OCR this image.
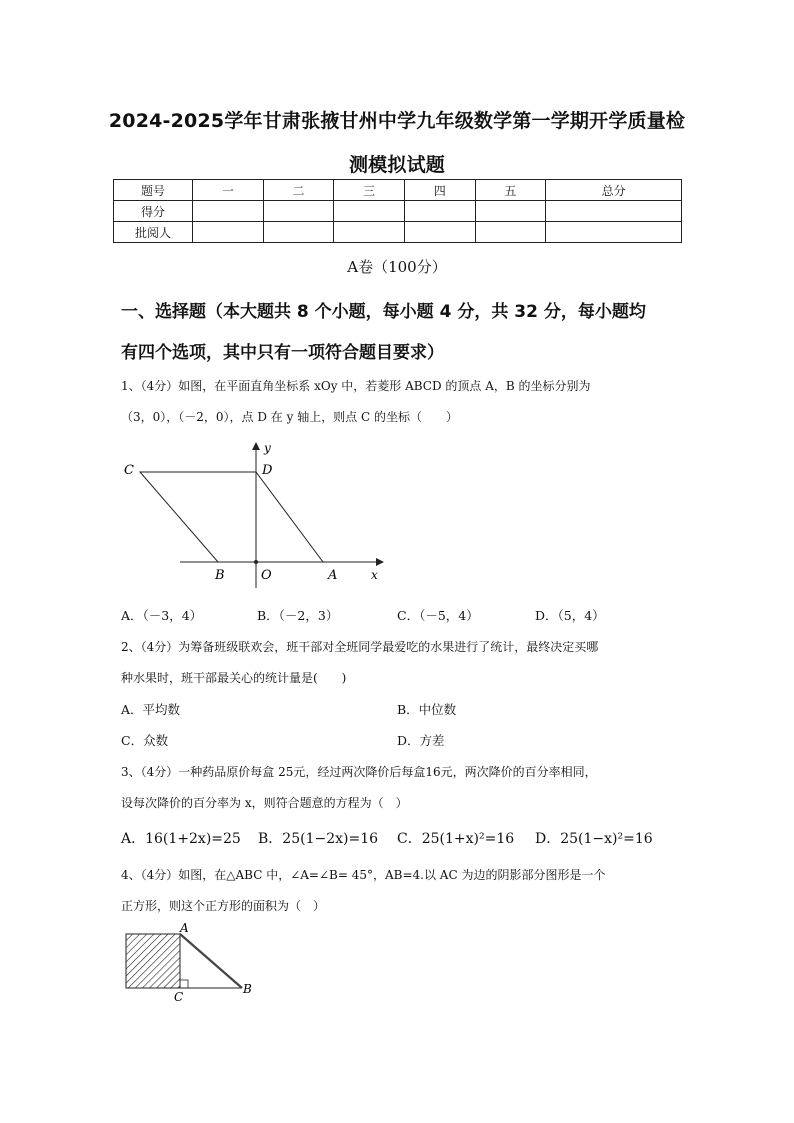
2024-2025学年甘肃张掖甘州中学九年级数学第一学期开学质量检
测模拟试题
题号	一	二	三	四	五	总分
得分						
批阅人						
A卷（100分）
一、选择题（本大题共 8 个小题，每小题 4 分，共 32 分，每小题均
有四个选项，其中只有一项符合题目要求）
1、（4分）如图，在平面直角坐标系 xOy 中，若菱形 ABCD 的顶点 A，B 的坐标分别为
（3，0），（－2，0），点 D 在 y 轴上，则点 C 的坐标（　　）
C	D
y
B	O	A	x
A．（－3，4）	B．（－2，3）	C．（－5，4）	D．（5，4）
2、（4分）为筹备班级联欢会，班干部对全班同学最爱吃的水果进行了统计，最终决定买哪
种水果时，班干部最关心的统计量是(　　)
A．平均数	B．中位数
C．众数	D．方差
3、（4分）一种药品原价每盒 25元，经过两次降价后每盒16元，两次降价的百分率相同，
设每次降价的百分率为 x，则符合题意的方程为（　）
A．16(1+2x)=25 B．25(1−2x)=16 C．25(1+x)²=16 D．25(1−x)²=16
4、（4分）如图，在△ABC 中，∠A=∠B= 45°，AB=4.以 AC 为边的阴影部分图形是一个
正方形，则这个正方形的面积为（　）
A
B
C
